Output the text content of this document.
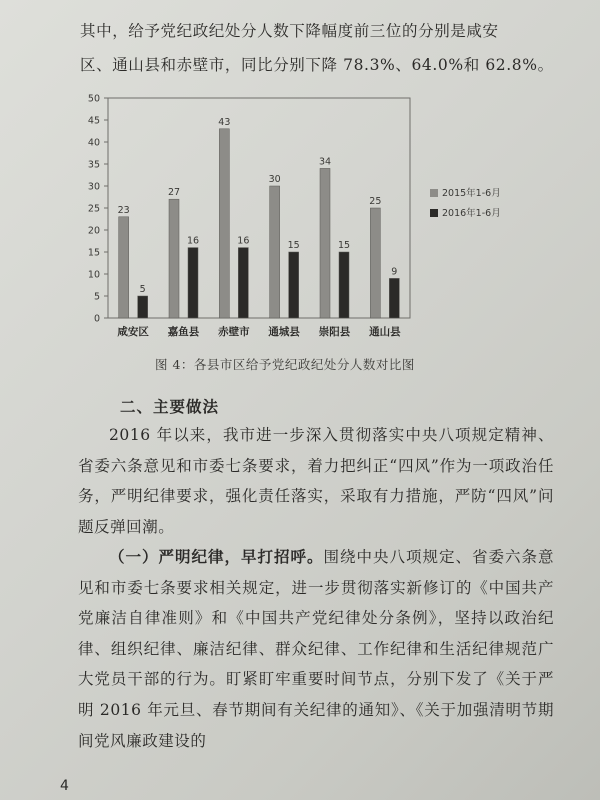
其中，给予党纪政纪处分人数下降幅度前三位的分别是咸安

区、通山县和赤壁市，同比分别下降 78.3%、64.0%和 62.8%。

0
5
10
15
20
25
30
35
40
45
50
23
5
咸安区
27
16
嘉鱼县
43
16
赤壁市
30
15
通城县
34
15
崇阳县
25
9
通山县
2015年1-6月
2016年1-6月
图 4：各县市区给予党纪政纪处分人数对比图
二、主要做法

2016 年以来，我市进一步深入贯彻落实中央八项规定精神、省委六条意见和市委七条要求，着力把纠正“四风”作为一项政治任务，严明纪律要求，强化责任落实，采取有力措施，严防“四风”问题反弹回潮。

（一）严明纪律，早打招呼。围绕中央八项规定、省委六条意见和市委七条要求相关规定，进一步贯彻落实新修订的《中国共产党廉洁自律准则》和《中国共产党纪律处分条例》，坚持以政治纪律、组织纪律、廉洁纪律、群众纪律、工作纪律和生活纪律规范广大党员干部的行为。盯紧盯牢重要时间节点，分别下发了《关于严明 2016 年元旦、春节期间有关纪律的通知》、《关于加强清明节期间党风廉政建设的

4
